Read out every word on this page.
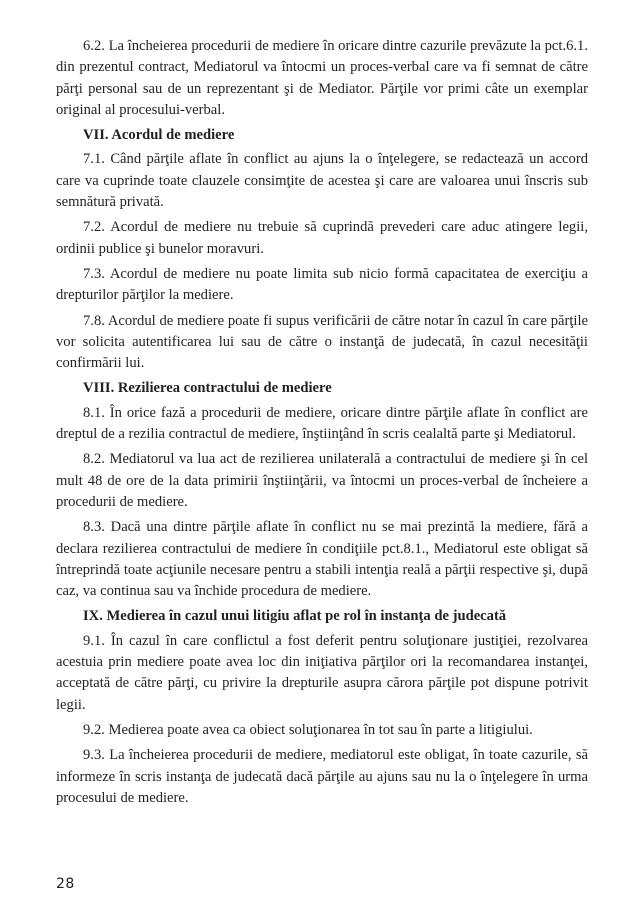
6.2. La încheierea procedurii de mediere în oricare dintre cazurile prevăzute la pct.6.1. din prezentul contract, Mediatorul va întocmi un proces-verbal care va fi semnat de către părţi personal sau de un reprezentant şi de Mediator. Părţile vor primi câte un exemplar original al procesului-verbal.

VII. Acordul de mediere

7.1. Când părţile aflate în conflict au ajuns la o înţelegere, se redactează un accord care va cuprinde toate clauzele consimţite de acestea şi care are valoarea unui înscris sub semnătură privată.

7.2. Acordul de mediere nu trebuie să cuprindă prevederi care aduc atingere legii, ordinii publice şi bunelor moravuri.

7.3. Acordul de mediere nu poate limita sub nicio formă capacitatea de exerciţiu a drepturilor părţilor la mediere.

7.8. Acordul de mediere poate fi supus verificării de către notar în cazul în care părţile vor solicita autentificarea lui sau de către o instanţă de judecată, în cazul necesităţii confirmării lui.

VIII. Rezilierea contractului de mediere

8.1. În orice fază a procedurii de mediere, oricare dintre părţile aflate în conflict are dreptul de a rezilia contractul de mediere, înştiinţând în scris cealaltă parte şi Mediatorul.

8.2. Mediatorul va lua act de rezilierea unilaterală a contractului de mediere şi în cel mult 48 de ore de la data primirii înştiinţării, va întocmi un proces-verbal de încheiere a procedurii de mediere.

8.3. Dacă una dintre părţile aflate în conflict nu se mai prezintă la mediere, fără a declara rezilierea contractului de mediere în condiţiile pct.8.1., Mediatorul este obligat să întreprindă toate acţiunile necesare pentru a stabili intenţia reală a părţii respective şi, după caz, va continua sau va închide procedura de mediere.

IX. Medierea în cazul unui litigiu aflat pe rol în instanţa de judecată

9.1. În cazul în care conflictul a fost deferit pentru soluţionare justiţiei, rezolvarea acestuia prin mediere poate avea loc din iniţiativa părţilor ori la recomandarea instanţei, acceptată de către părţi, cu privire la drepturile asupra cărora părţile pot dispune potrivit legii.

9.2. Medierea poate avea ca obiect soluţionarea în tot sau în parte a litigiului.

9.3. La încheierea procedurii de mediere, mediatorul este obligat, în toate cazurile, să informeze în scris instanţa de judecată dacă părţile au ajuns sau nu la o înţelegere în urma procesului de mediere.

28
